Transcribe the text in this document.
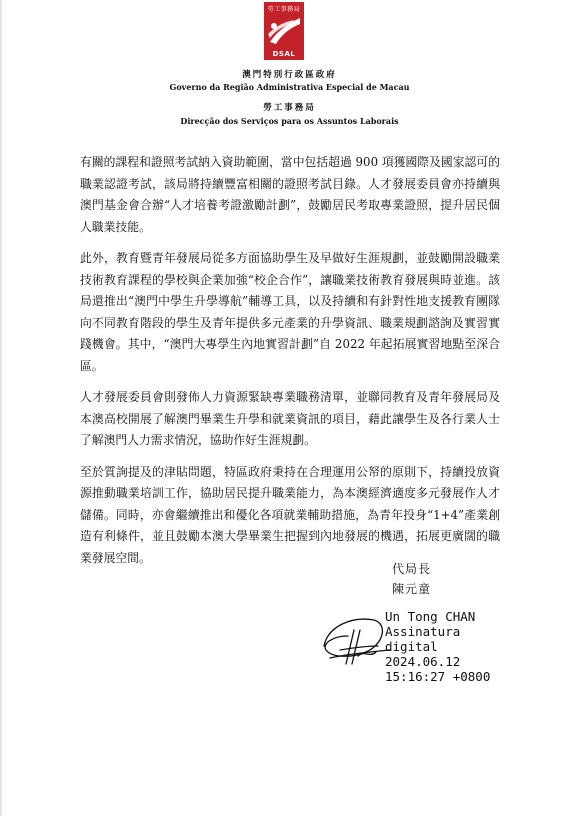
勞工事務局
DSAL
澳門特別行政區政府
Governo da Região Administrativa Especial de Macau
勞工事務局
Direcção dos Serviços para os Assuntos Laborais

有關的課程和證照考試納入資助範圍，當中包括超過 900 項獲國際及國家認可的職業認證考試，該局將持續豐富相關的證照考試目錄。人才發展委員會亦持續與澳門基金會合辦“人才培養考證激勵計劃”，鼓勵居民考取專業證照，提升居民個人職業技能。

此外，教育暨青年發展局從多方面協助學生及早做好生涯規劃，並鼓勵開設職業技術教育課程的學校與企業加強“校企合作”，讓職業技術教育發展與時並進。該局還推出“澳門中學生升學導航”輔導工具，以及持續和有針對性地支援教育團隊向不同教育階段的學生及青年提供多元產業的升學資訊、職業規劃諮詢及實習實踐機會。其中，“澳門大專學生內地實習計劃”自 2022 年起拓展實習地點至深合區。

人才發展委員會則發佈人力資源緊缺專業職務清單，並聯同教育及青年發展局及本澳高校開展了解澳門畢業生升學和就業資訊的項目，藉此讓學生及各行業人士了解澳門人力需求情況，協助作好生涯規劃。

至於質詢提及的津貼問題，特區政府秉持在合理運用公帑的原則下，持續投放資源推動職業培訓工作，協助居民提升職業能力，為本澳經濟適度多元發展作人才儲備。同時，亦會繼續推出和優化各項就業輔助措施，為青年投身“1+4”產業創造有利條件，並且鼓勵本澳大學畢業生把握到內地發展的機遇，拓展更廣闊的職業發展空間。

代局長
陳元童
Un Tong CHAN
Assinatura
digital
2024.06.12
15:16:27 +0800
